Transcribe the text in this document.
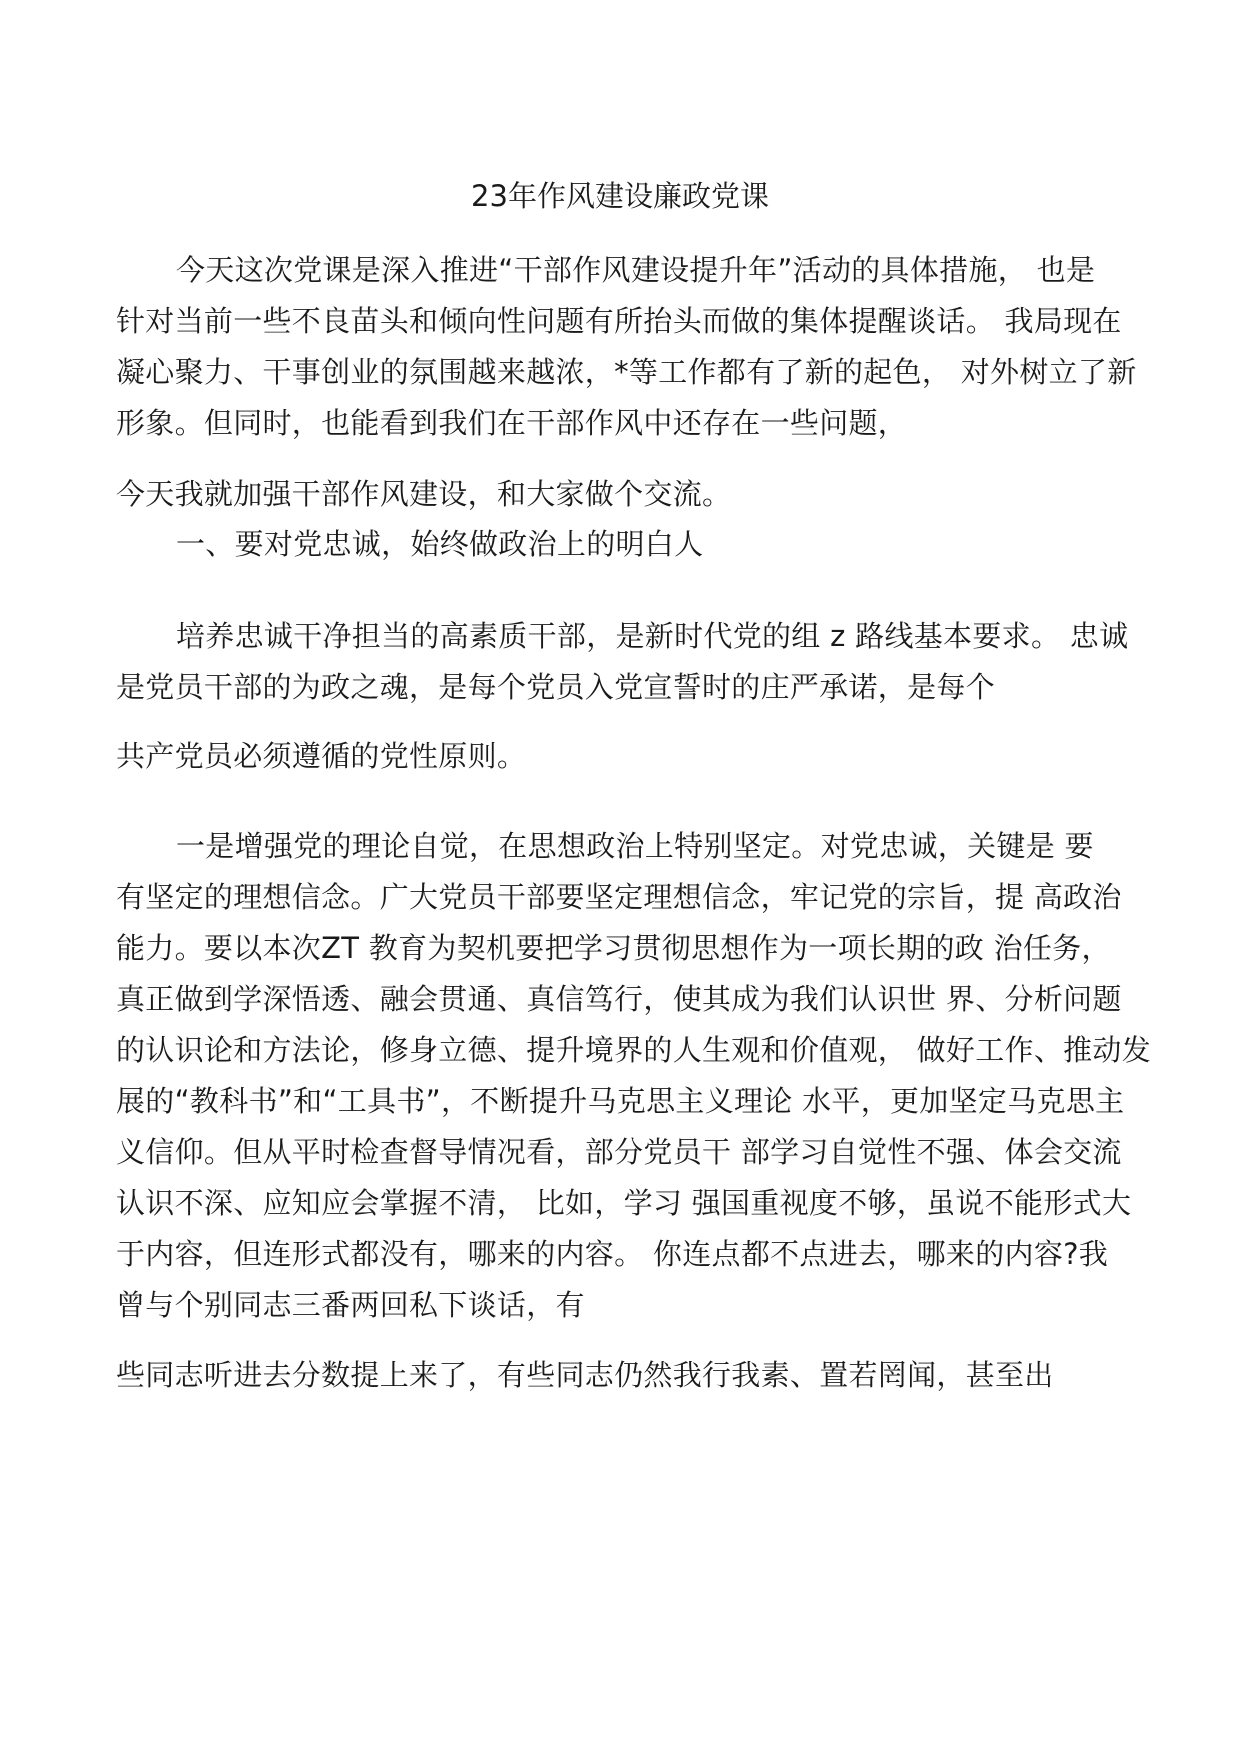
23年作风建设廉政党课
今天这次党课是深入推进“干部作风建设提升年”活动的具体措施， 也是
针对当前一些不良苗头和倾向性问题有所抬头而做的集体提醒谈话。 我局现在
凝心聚力、干事创业的氛围越来越浓，*等工作都有了新的起色， 对外树立了新
形象。但同时，也能看到我们在干部作风中还存在一些问题，
今天我就加强干部作风建设，和大家做个交流。
一、要对党忠诚，始终做政治上的明白人
培养忠诚干净担当的高素质干部，是新时代党的组 z 路线基本要求。 忠诚
是党员干部的为政之魂，是每个党员入党宣誓时的庄严承诺，是每个
共产党员必须遵循的党性原则。
一是增强党的理论自觉，在思想政治上特别坚定。对党忠诚，关键是 要
有坚定的理想信念。广大党员干部要坚定理想信念，牢记党的宗旨，提 高政治
能力。要以本次ZT 教育为契机要把学习贯彻思想作为一项长期的政 治任务，
真正做到学深悟透、融会贯通、真信笃行，使其成为我们认识世 界、分析问题
的认识论和方法论，修身立德、提升境界的人生观和价值观， 做好工作、推动发
展的“教科书”和“工具书”，不断提升马克思主义理论 水平，更加坚定马克思主
义信仰。但从平时检查督导情况看，部分党员干 部学习自觉性不强、体会交流
认识不深、应知应会掌握不清， 比如，学习 强国重视度不够，虽说不能形式大
于内容，但连形式都没有，哪来的内容。 你连点都不点进去，哪来的内容?我
曾与个别同志三番两回私下谈话，有
些同志听进去分数提上来了，有些同志仍然我行我素、置若罔闻，甚至出
